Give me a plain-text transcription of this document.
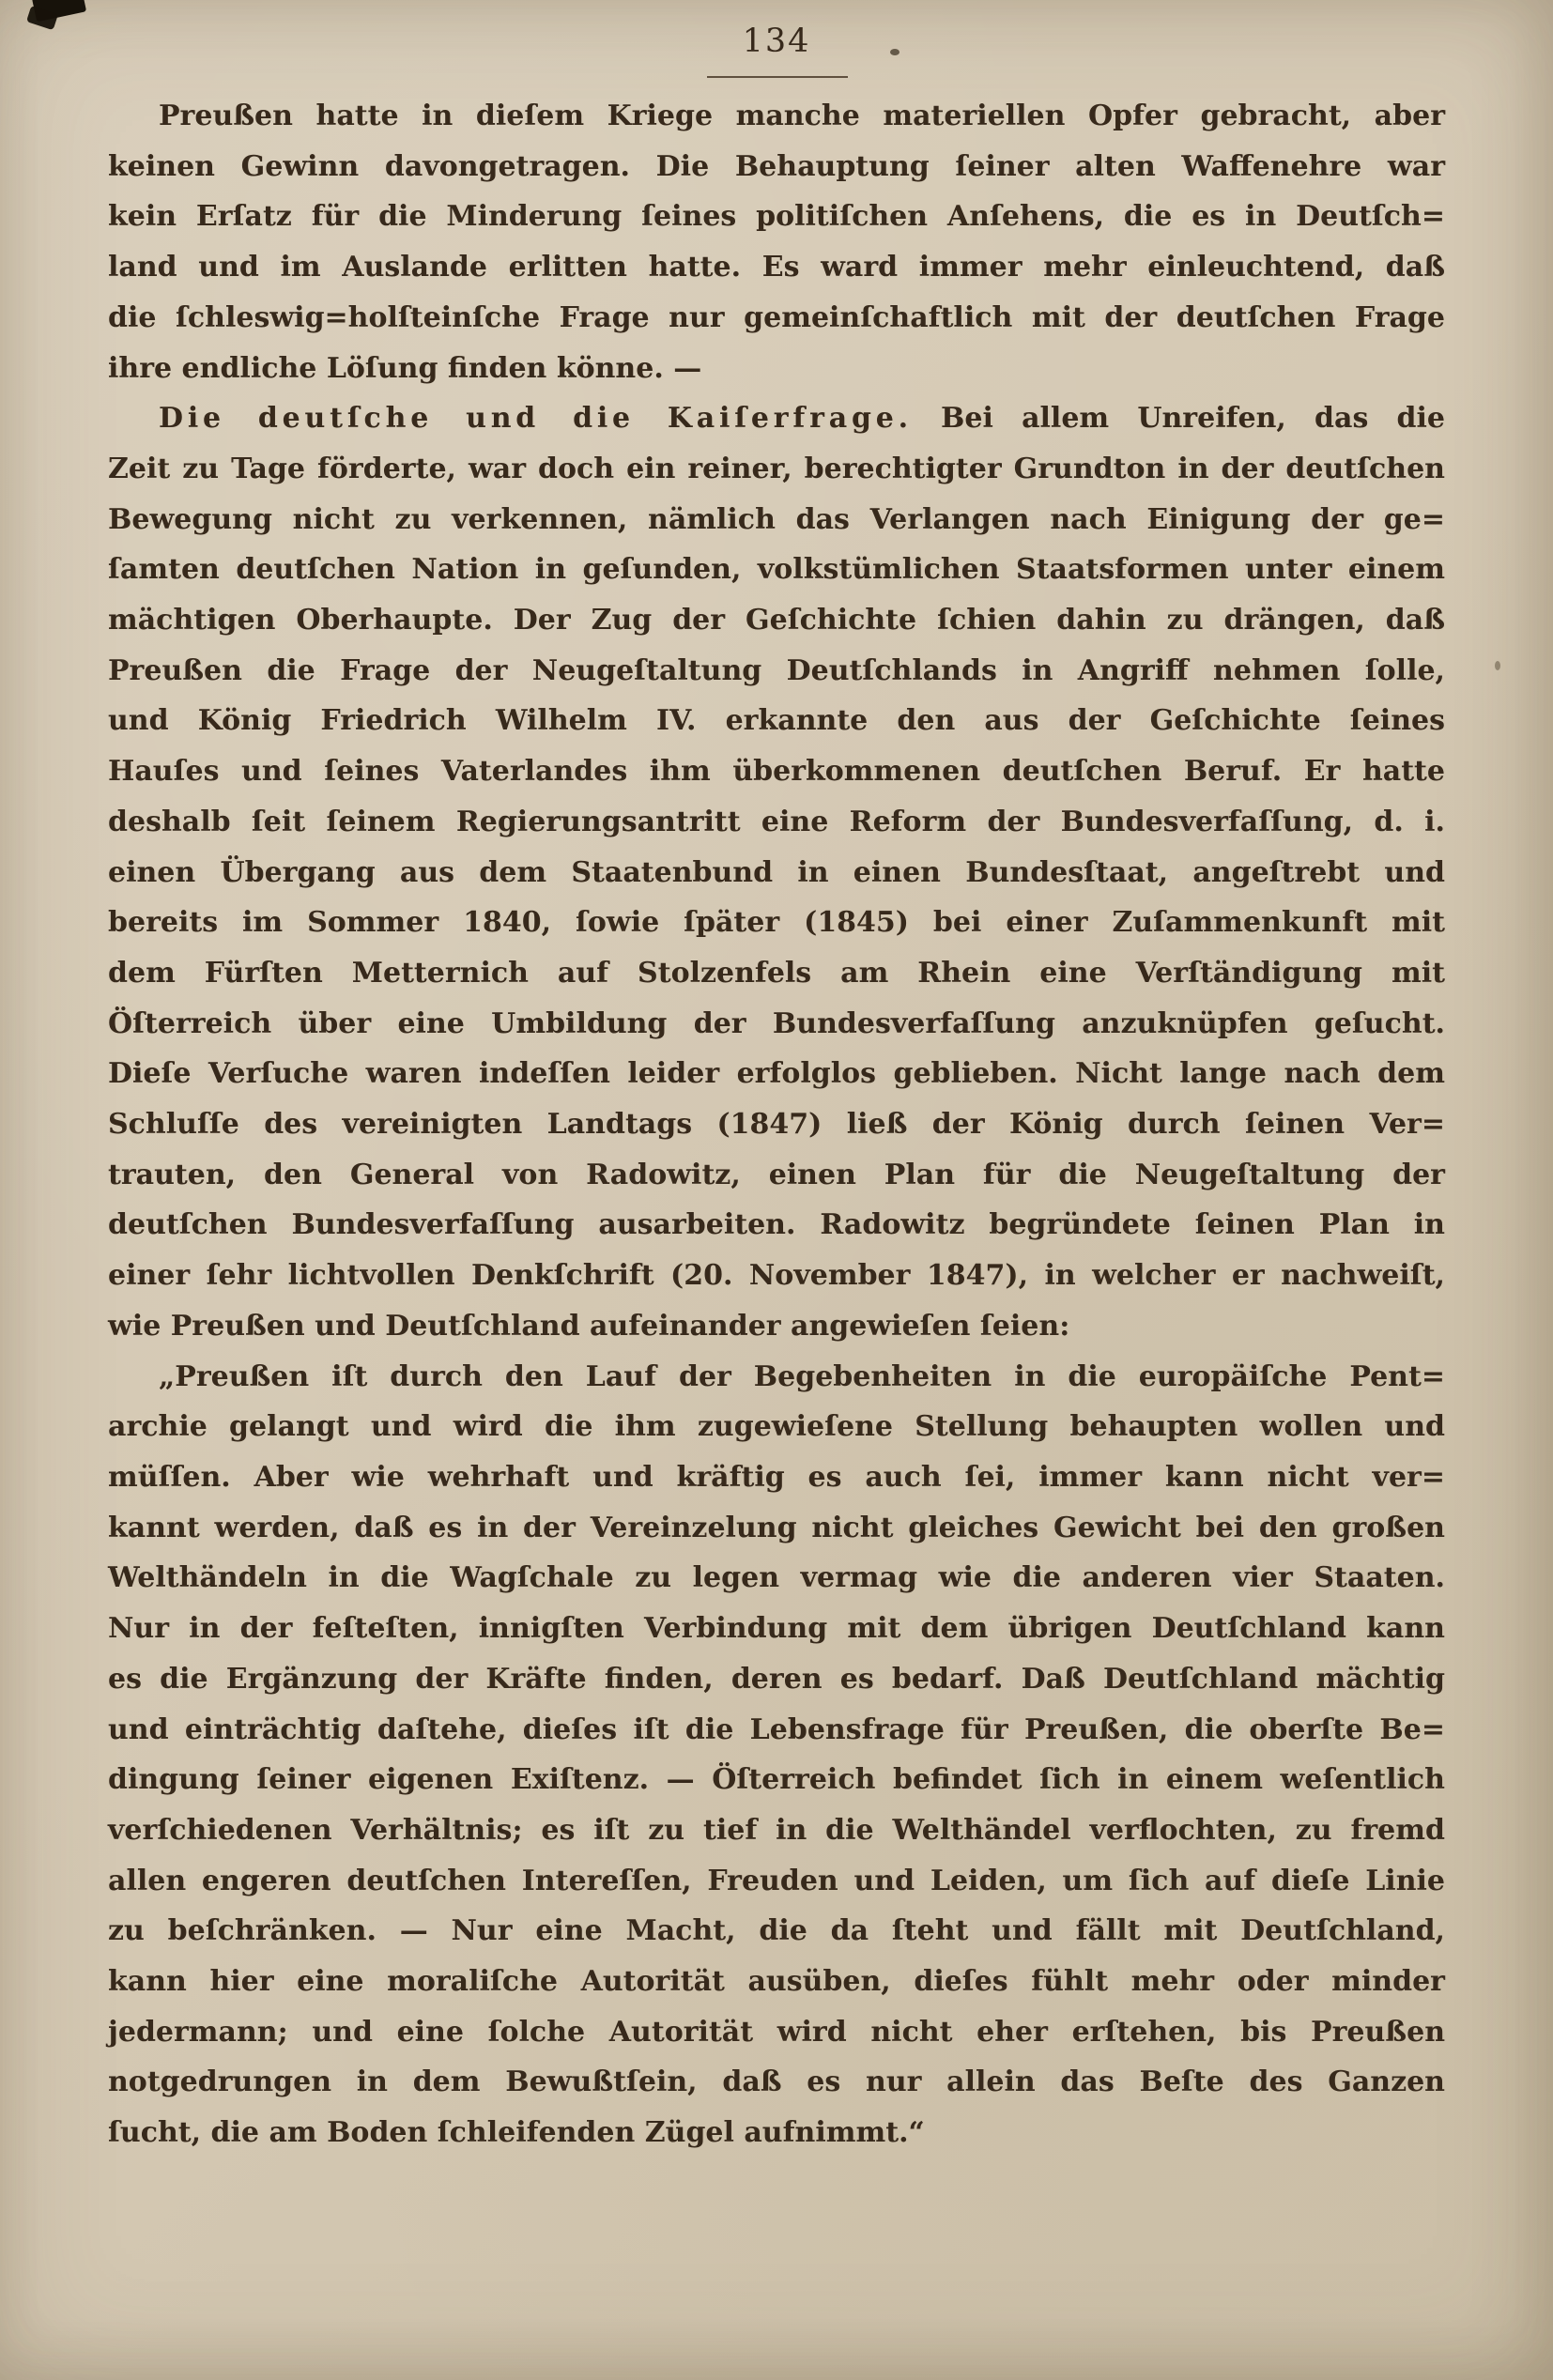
134
Preußen hatte in dieſem Kriege manche materiellen Opfer gebracht, aber
keinen Gewinn davongetragen. Die Behauptung ſeiner alten Waffenehre war
kein Erſatz für die Minderung ſeines politiſchen Anſehens, die es in Deutſch=
land und im Auslande erlitten hatte. Es ward immer mehr einleuchtend, daß
die ſchleswig=holſteinſche Frage nur gemeinſchaftlich mit der deutſchen Frage
ihre endliche Löſung finden könne. —
Die deutſche und die Kaiſerfrage. Bei allem Unreifen, das die
Zeit zu Tage förderte, war doch ein reiner, berechtigter Grundton in der deutſchen
Bewegung nicht zu verkennen, nämlich das Verlangen nach Einigung der ge=
ſamten deutſchen Nation in geſunden, volkstümlichen Staatsformen unter einem
mächtigen Oberhaupte. Der Zug der Geſchichte ſchien dahin zu drängen, daß
Preußen die Frage der Neugeſtaltung Deutſchlands in Angriff nehmen ſolle,
und König Friedrich Wilhelm IV. erkannte den aus der Geſchichte ſeines
Hauſes und ſeines Vaterlandes ihm überkommenen deutſchen Beruf. Er hatte
deshalb ſeit ſeinem Regierungsantritt eine Reform der Bundesverfaſſung, d. i.
einen Übergang aus dem Staatenbund in einen Bundesſtaat, angeſtrebt und
bereits im Sommer 1840, ſowie ſpäter (1845) bei einer Zuſammenkunft mit
dem Fürſten Metternich auf Stolzenfels am Rhein eine Verſtändigung mit
Öſterreich über eine Umbildung der Bundesverfaſſung anzuknüpfen geſucht.
Dieſe Verſuche waren indeſſen leider erfolglos geblieben. Nicht lange nach dem
Schluſſe des vereinigten Landtags (1847) ließ der König durch ſeinen Ver=
trauten, den General von Radowitz, einen Plan für die Neugeſtaltung der
deutſchen Bundesverfaſſung ausarbeiten. Radowitz begründete ſeinen Plan in
einer ſehr lichtvollen Denkſchrift (20. November 1847), in welcher er nachweiſt,
wie Preußen und Deutſchland aufeinander angewieſen ſeien:
„Preußen iſt durch den Lauf der Begebenheiten in die europäiſche Pent=
archie gelangt und wird die ihm zugewieſene Stellung behaupten wollen und
müſſen. Aber wie wehrhaft und kräftig es auch ſei, immer kann nicht ver=
kannt werden, daß es in der Vereinzelung nicht gleiches Gewicht bei den großen
Welthändeln in die Wagſchale zu legen vermag wie die anderen vier Staaten.
Nur in der feſteſten, innigſten Verbindung mit dem übrigen Deutſchland kann
es die Ergänzung der Kräfte finden, deren es bedarf. Daß Deutſchland mächtig
und einträchtig daſtehe, dieſes iſt die Lebensfrage für Preußen, die oberſte Be=
dingung ſeiner eigenen Exiſtenz. — Öſterreich befindet ſich in einem weſentlich
verſchiedenen Verhältnis; es iſt zu tief in die Welthändel verflochten, zu fremd
allen engeren deutſchen Intereſſen, Freuden und Leiden, um ſich auf dieſe Linie
zu beſchränken. — Nur eine Macht, die da ſteht und fällt mit Deutſchland,
kann hier eine moraliſche Autorität ausüben, dieſes fühlt mehr oder minder
jedermann; und eine ſolche Autorität wird nicht eher erſtehen, bis Preußen
notgedrungen in dem Bewußtſein, daß es nur allein das Beſte des Ganzen
ſucht, die am Boden ſchleifenden Zügel aufnimmt.“
